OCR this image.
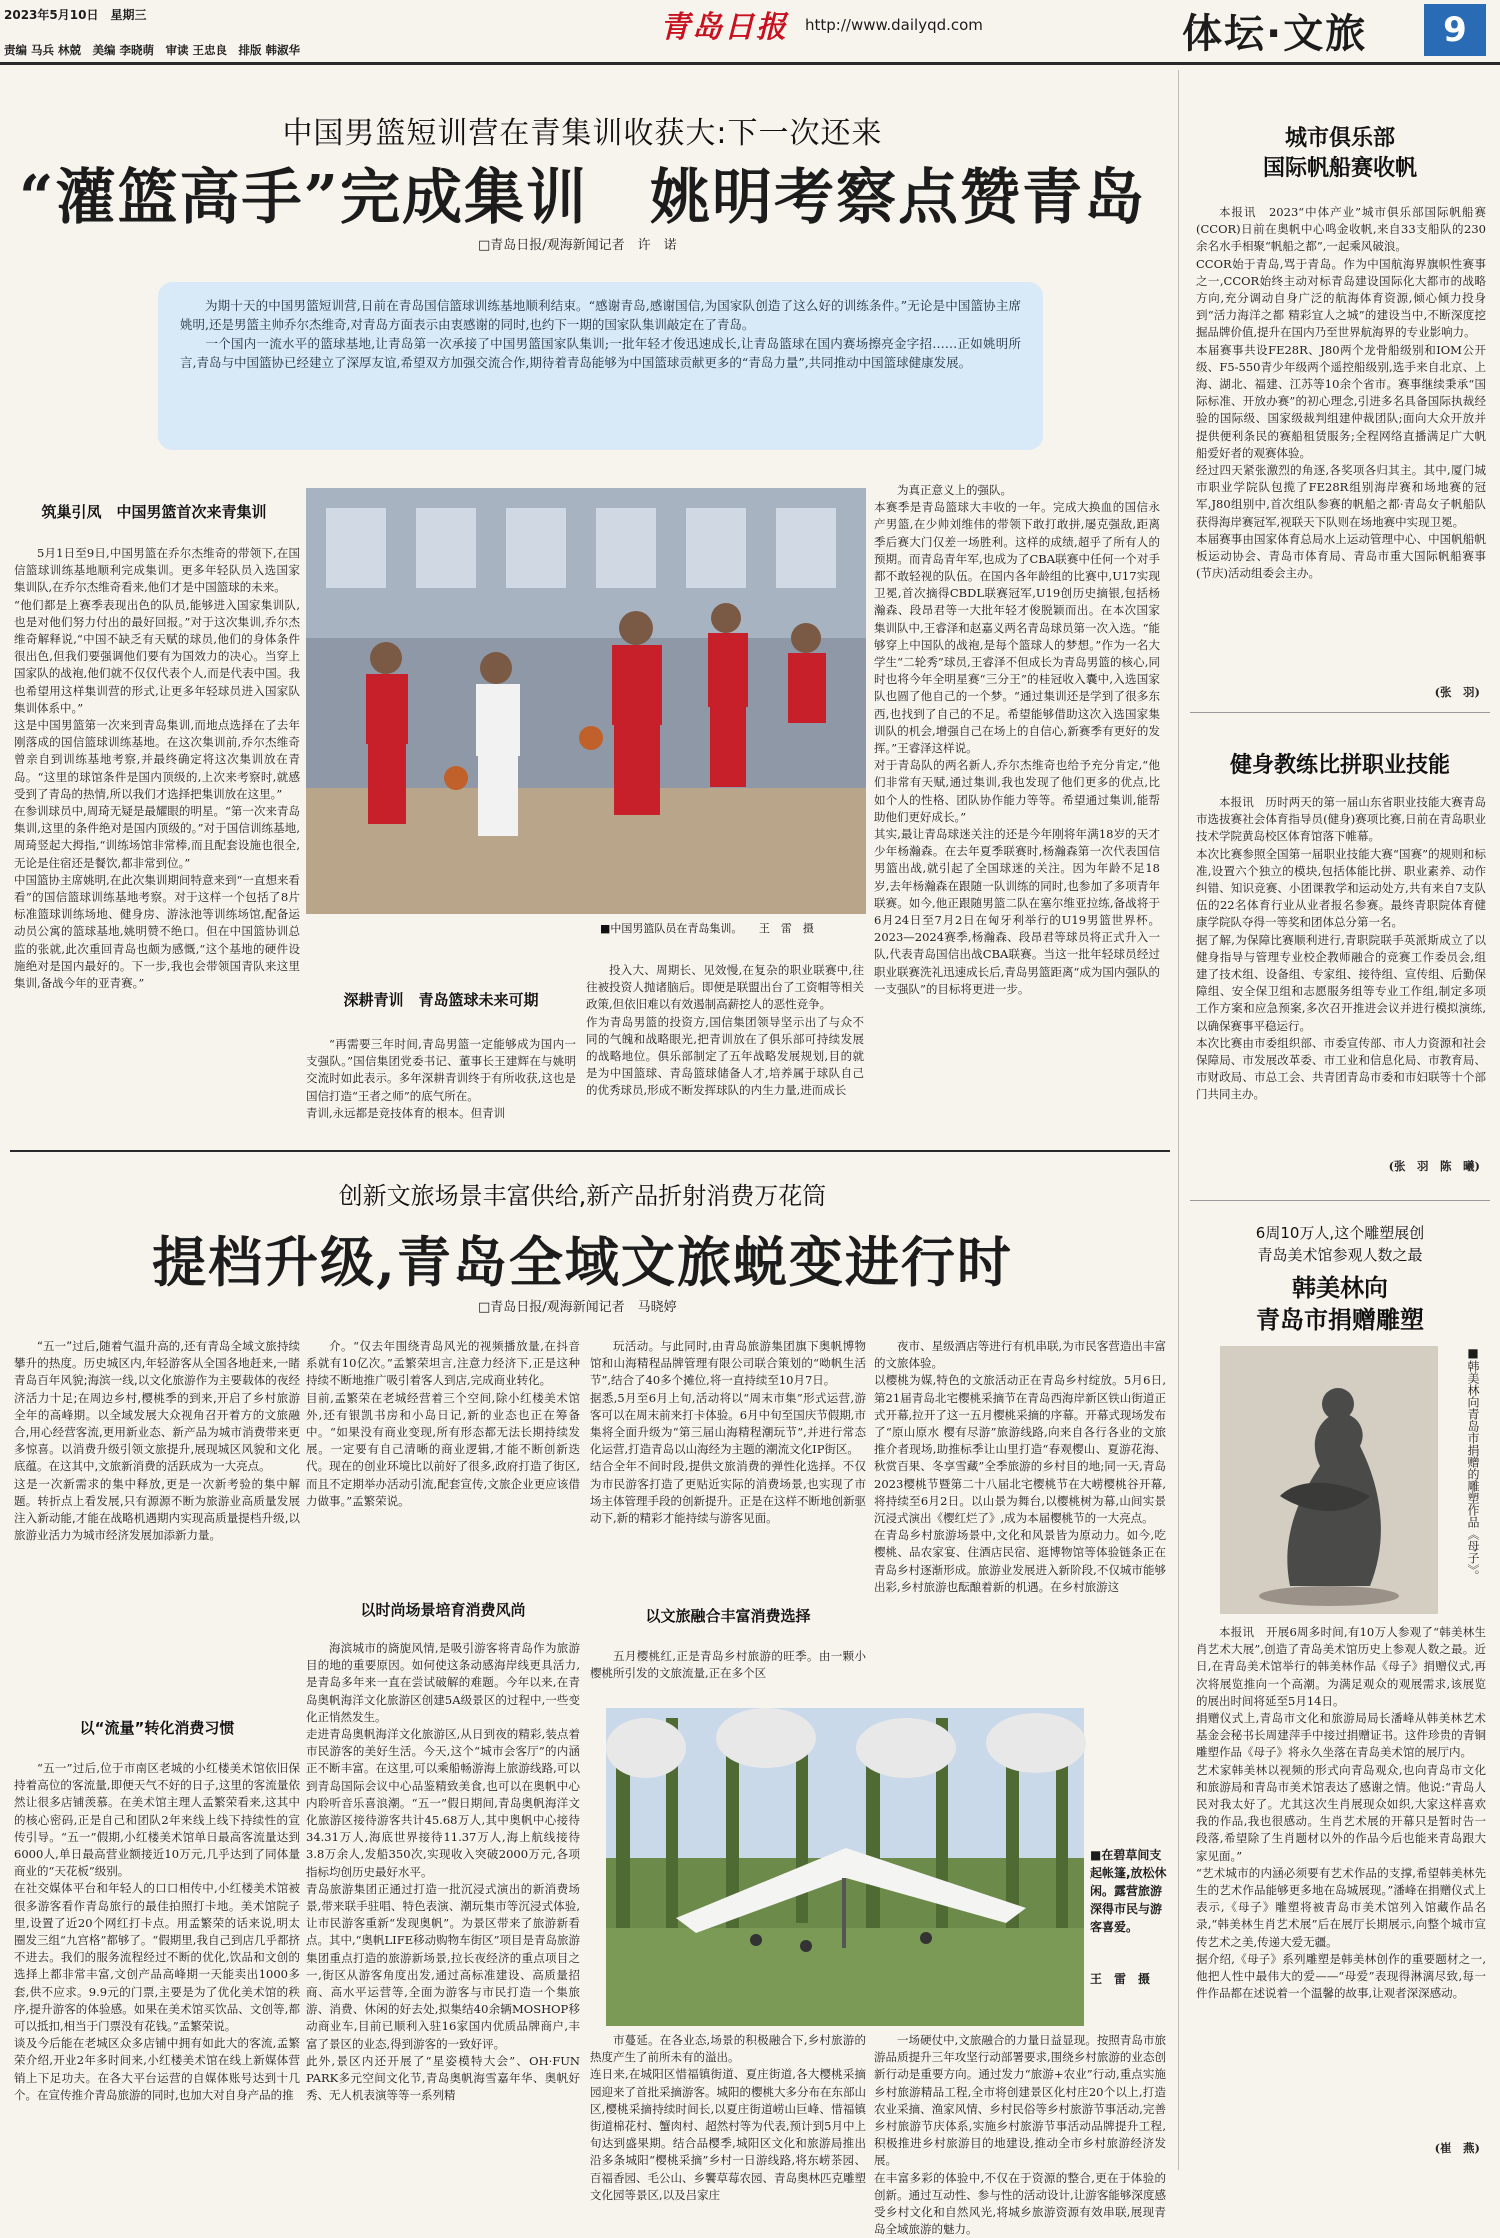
2023年5月10日　星期三	青岛日报 http://www.dailyqd.com
责编 马兵 林兢　美编 李晓萌　审读 王忠良　排版 韩淑华	体坛·文旅	9
中国男篮短训营在青集训收获大:下一次还来
“灌篮高手”完成集训　姚明考察点赞青岛
□青岛日报/观海新闻记者　许　诺
为期十天的中国男篮短训营,日前在青岛国信篮球训练基地顺利结束。“感谢青岛,感谢国信,为国家队创造了这么好的训练条件。”无论是中国篮协主席姚明,还是男篮主帅乔尔杰维奇,对青岛方面表示由衷感谢的同时,也约下一期的国家队集训敲定在了青岛。
　　一个国内一流水平的篮球基地,让青岛第一次承接了中国男篮国家队集训;一批年轻才俊迅速成长,让青岛篮球在国内赛场擦亮金字招……正如姚明所言,青岛与中国篮协已经建立了深厚友谊,希望双方加强交流合作,期待着青岛能够为中国篮球贡献更多的“青岛力量”,共同推动中国篮球健康发展。
筑巢引凤　中国男篮首次来青集训
5月1日至9日,中国男篮在乔尔杰维奇的带领下,在国信篮球训练基地顺利完成集训。更多年轻队员入选国家集训队,在乔尔杰维奇看来,他们才是中国篮球的未来。
“他们都是上赛季表现出色的队员,能够进入国家集训队,也是对他们努力付出的最好回报。”对于这次集训,乔尔杰维奇解释说,“中国不缺乏有天赋的球员,他们的身体条件很出色,但我们要强调他们要有为国效力的决心。当穿上国家队的战袍,他们就不仅仅代表个人,而是代表中国。我也希望用这样集训营的形式,让更多年轻球员进入国家队集训体系中。”
这是中国男篮第一次来到青岛集训,而地点选择在了去年刚落成的国信篮球训练基地。在这次集训前,乔尔杰维奇曾亲自到训练基地考察,并最终确定将这次集训放在青岛。“这里的球馆条件是国内顶级的,上次来考察时,就感受到了青岛的热情,所以我们才选择把集训放在这里。”
在参训球员中,周琦无疑是最耀眼的明星。“第一次来青岛集训,这里的条件绝对是国内顶级的。”对于国信训练基地,周琦竖起大拇指,“训练场馆非常棒,而且配套设施也很全,无论是住宿还是餐饮,都非常到位。”
中国篮协主席姚明,在此次集训期间特意来到“一直想来看看”的国信篮球训练基地考察。对于这样一个包括了8片标准篮球训练场地、健身房、游泳池等训练场馆,配备运动员公寓的篮球基地,姚明赞不绝口。但在中国篮协训总监的张就,此次重回青岛也颇为感慨,“这个基地的硬件设施绝对是国内最好的。下一步,我也会带领国青队来这里集训,备战今年的亚青赛。”
■中国男篮队员在青岛集训。　　王　雷　摄
深耕青训　青岛篮球未来可期
“再需要三年时间,青岛男篮一定能够成为国内一支强队。”国信集团党委书记、董事长王建辉在与姚明交流时如此表示。多年深耕青训终于有所收获,这也是国信打造“王者之师”的底气所在。
青训,永远都是竞技体育的根本。但青训
投入大、周期长、见效慢,在复杂的职业联赛中,往往被投资人抛诸脑后。即便是联盟出台了工资帽等相关政策,但依旧难以有效遏制高薪挖人的恶性竞争。
作为青岛男篮的投资方,国信集团领导坚示出了与众不同的气魄和战略眼光,把青训放在了俱乐部可持续发展的战略地位。俱乐部制定了五年战略发展规划,目的就是为中国篮球、青岛篮球储备人才,培养属于球队自己的优秀球员,形成不断发挥球队的内生力量,进而成长
为真正意义上的强队。
本赛季是青岛篮球大丰收的一年。完成大换血的国信永产男篮,在少帅刘维伟的带领下敢打敢拼,屡克强敌,距离季后赛大门仅差一场胜利。这样的成绩,超乎了所有人的预期。而青岛青年军,也成为了CBA联赛中任何一个对手都不敢轻视的队伍。在国内各年龄组的比赛中,U17实现卫冕,首次摘得CBDL联赛冠军,U19创历史摘银,包括杨瀚森、段昂君等一大批年轻才俊脱颖而出。在本次国家集训队中,王睿泽和赵嘉义两名青岛球员第一次入选。“能够穿上中国队的战袍,是每个篮球人的梦想。”作为一名大学生“二轮秀”球员,王睿泽不但成长为青岛男篮的核心,同时也将今年全明星赛“三分王”的桂冠收入囊中,入选国家队也圆了他自己的一个梦。“通过集训还是学到了很多东西,也找到了自己的不足。希望能够借助这次入选国家集训队的机会,增强自己在场上的自信心,新赛季有更好的发挥。”王睿泽这样说。
对于青岛队的两名新人,乔尔杰维奇也给予充分肯定,“他们非常有天赋,通过集训,我也发现了他们更多的优点,比如个人的性格、团队协作能力等等。希望通过集训,能帮助他们更好成长。”
其实,最让青岛球迷关注的还是今年刚将年满18岁的天才少年杨瀚森。在去年夏季联赛时,杨瀚森第一次代表国信男篮出战,就引起了全国球迷的关注。因为年龄不足18岁,去年杨瀚森在跟随一队训练的同时,也参加了多项青年联赛。如今,他正跟随男篮二队在塞尔维亚拉练,备战将于6月24日至7月2日在匈牙利举行的U19男篮世界杯。2023—2024赛季,杨瀚森、段昂君等球员将正式升入一队,代表青岛国信出战CBA联赛。当这一批年轻球员经过职业联赛洗礼迅速成长后,青岛男篮距离“成为国内强队的一支强队”的目标将更进一步。
城市俱乐部
国际帆船赛收帆
本报讯　2023“中体产业”城市俱乐部国际帆船赛(CCOR)日前在奥帆中心鸣金收帆,来自33支船队的230余名水手相聚“帆船之都”,一起乘风破浪。
CCOR始于青岛,骂于青岛。作为中国航海界旗帜性赛事之一,CCOR始终主动对标青岛建设国际化大都市的战略方向,充分调动自身广泛的航海体育资源,倾心倾力投身到“活力海洋之都 精彩宜人之城”的建设当中,不断深度挖掘品牌价值,提升在国内乃至世界航海界的专业影响力。
本届赛事共设FE28R、J80两个龙骨船级别和IOM公开级、F5-550青少年级两个遥控船级别,选手来自北京、上海、湖北、福建、江苏等10余个省市。赛事继续秉承“国际标准、开放办赛”的初心理念,引进多名具备国际执裁经验的国际级、国家级裁判组建仲裁团队;面向大众开放并提供便利条民的赛船租赁服务;全程网络直播满足广大帆船爱好者的观赛体验。
经过四天紧张激烈的角逐,各奖项各归其主。其中,厦门城市职业学院队包揽了FE28R组别海岸赛和场地赛的冠军,J80组别中,首次组队参赛的帆船之都·青岛女子帆船队获得海岸赛冠军,视联天下队则在场地赛中实现卫冕。
本届赛事由国家体育总局水上运动管理中心、中国帆船帆板运动协会、青岛市体育局、青岛市重大国际帆船赛事(节庆)活动组委会主办。
(张　羽)
健身教练比拼职业技能
本报讯　历时两天的第一届山东省职业技能大赛青岛市选拔赛社会体育指导员(健身)赛项比赛,日前在青岛职业技术学院黄岛校区体育馆落下帷幕。
本次比赛参照全国第一届职业技能大赛“国赛”的规则和标准,设置六个独立的模块,包括体能比拼、职业素养、动作纠错、知识竞赛、小团课教学和运动处方,共有来自7支队伍的22名体育行业从业者报名参赛。最终青职院体育健康学院队夺得一等奖和团体总分第一名。
据了解,为保障比赛顺利进行,青职院联手英派斯成立了以健身指导与管理专业校企教师融合的竞赛工作委员会,组建了技术组、设备组、专家组、接待组、宣传组、后勤保障组、安全保卫组和志愿服务组等专业工作组,制定多项工作方案和应急预案,多次召开推进会议并进行模拟演练,以确保赛事平稳运行。
本次比赛由市委组织部、市委宣传部、市人力资源和社会保障局、市发展改革委、市工业和信息化局、市教育局、市财政局、市总工会、共青团青岛市委和市妇联等十个部门共同主办。
(张　羽　陈　曦)
6周10万人,这个雕塑展创
青岛美术馆参观人数之最
韩美林向
青岛市捐赠雕塑
■韩美林向青岛市捐赠的雕塑作品《母子》。
本报讯　开展6周多时间,有10万人参观了“韩美林生肖艺术大展”,创造了青岛美术馆历史上参观人数之最。近日,在青岛美术馆举行的韩美林作品《母子》捐赠仪式,再次将展览推向一个高潮。为满足观众的观展需求,该展览的展出时间将延至5月14日。
捐赠仪式上,青岛市文化和旅游局局长潘峰从韩美林艺术基金会秘书长周建萍手中接过捐赠证书。这件珍贵的青铜雕塑作品《母子》将永久坐落在青岛美术馆的展厅内。
艺术家韩美林以视频的形式向青岛观众,也向青岛市文化和旅游局和青岛市美术馆表达了感谢之情。他说:“青岛人民对我太好了。尤其这次生肖展现众如织,大家这样喜欢我的作品,我也很感动。生肖艺术展的开幕只是暂时告一段落,希望除了生肖题材以外的作品今后也能来青岛跟大家见面。”
“艺术城市的内涵必须要有艺术作品的支撑,希望韩美林先生的艺术作品能够更多地在岛城展现。”潘峰在捐赠仪式上表示,《母子》雕塑将被青岛市美术馆列入馆藏作品名录,“韩美林生肖艺术展”后在展厅长期展示,向整个城市宣传艺术之美,传递大爱无疆。
据介绍,《母子》系列雕塑是韩美林创作的重要题材之一,他把人性中最伟大的爱——“母爱”表现得淋漓尽致,每一件作品都在述说着一个温馨的故事,让观者深深感动。
(崔　燕)
创新文旅场景丰富供给,新产品折射消费万花筒
提档升级,青岛全域文旅蜕变进行时
□青岛日报/观海新闻记者　马晓婷
“五一”过后,随着气温升高的,还有青岛全域文旅持续攀升的热度。历史城区内,年轻游客从全国各地赶来,一睹青岛百年风貌;海滨一线,以文化旅游作为主要载体的夜经济活力十足;在周边乡村,樱桃季的到来,开启了乡村旅游全年的高峰期。以全域发展大众视角召开着方的文旅融合,用心经营客流,更用新业态、新产品为城市消费带来更多惊喜。以消费升级引领文旅提升,展现城区风貌和文化底蕴。在这其中,文旅新消费的活跃成为一大亮点。
这是一次新需求的集中释放,更是一次新考验的集中解题。转折点上看发展,只有源源不断为旅游业高质量发展注入新动能,才能在战略机遇期内实现高质量提档升级,以旅游业活力为城市经济发展加添新力量。
以“流量”转化消费习惯
“五一”过后,位于市南区老城的小红楼美术馆依旧保持着高位的客流量,即便天气不好的日子,这里的客流量依然让很多店铺羡慕。在美术馆主理人孟繁荣看来,这其中的核心密码,正是自己和团队2年来线上线下持续性的宣传引导。“五一”假期,小红楼美术馆单日最高客流量达到6000人,单日最高营业额接近10万元,几乎达到了同体量商业的“天花板”级别。
在社交媒体平台和年轻人的口口相传中,小红楼美术馆被很多游客看作青岛旅行的最佳拍照打卡地。美术馆院子里,设置了近20个网红打卡点。用孟繁荣的话来说,明太圈发三组“九宫格”都够了。“假期里,我自己到店几乎都挤不进去。我们的服务流程经过不断的优化,饮品和文创的选择上都非常丰富,文创产品高峰期一天能卖出1000多套,供不应求。9.9元的门票,主要是为了优化美术馆的秩序,提升游客的体验感。如果在美术馆买饮品、文创等,都可以抵扣,相当于门票没有花钱。”孟繁荣说。
谈及今后能在老城区众多店铺中拥有如此大的客流,孟繁荣介绍,开业2年多时间来,小红楼美术馆在线上新媒体营销上下足功夫。在各大平台运营的自媒体账号达到十几个。在宣传推介青岛旅游的同时,也加大对自身产品的推
介。“仅去年围绕青岛风光的视频播放量,在抖音系就有10亿次。”孟繁荣坦言,注意力经济下,正是这种持续不断地推广吸引着客人到店,完成商业转化。
目前,孟繁荣在老城经营着三个空间,除小红楼美术馆外,还有银凯书房和小岛日记,新的业态也正在筹备中。“如果没有商业变现,所有形态都无法长期持续发展。一定要有自己清晰的商业逻辑,才能不断创新迭代。现在的创业环境比以前好了很多,政府打造了街区,而且不定期举办活动引流,配套宣传,文旅企业更应该借力做事。”孟繁荣说。
以时尚场景培育消费风尚
海滨城市的旖旎风情,是吸引游客将青岛作为旅游目的地的重要原因。如何使这条动感海岸线更具活力,是青岛多年来一直在尝试破解的难题。今年以来,在青岛奥帆海洋文化旅游区创建5A级景区的过程中,一些变化正悄然发生。
走进青岛奥帆海洋文化旅游区,从日到夜的精彩,装点着市民游客的美好生活。今天,这个“城市会客厅”的内涵正不断丰富。在这里,可以乘船畅游海上旅游线路,可以到青岛国际会议中心品鉴精致美食,也可以在奥帆中心内聆听音乐喜浪潮。“五一”假日期间,青岛奥帆海洋文化旅游区接待游客共计45.68万人,其中奥帆中心接待34.31万人,海底世界接待11.37万人,海上航线接待3.8万余人,发船350次,实现收入突破2000万元,各项指标均创历史最好水平。
青岛旅游集团正通过打造一批沉浸式演出的新消费场景,带来联手驻唱、特色表演、潮玩集市等沉浸式体验,让市民游客重新“发现奥帆”。为景区带来了旅游新看点。其中,“奥帆LIFE移动购物车街区”项目是青岛旅游集团重点打造的旅游新场景,拉长夜经济的重点项目之一,街区从游客角度出发,通过高标准建设、高质量招商、高水平运营等,全面为游客与市民打造一个集旅游、消费、休闲的好去处,拟集结40余辆MOSHOP移动商业车,目前已顺利入驻16家国内优质品牌商户,丰富了景区的业态,得到游客的一致好评。
此外,景区内还开展了“星姿模特大会”、OH·FUN PARK多元空间文化节,青岛奥帆海雪嘉年华、奥帆好秀、无人机表演等等一系列精
玩活动。与此同时,由青岛旅游集团旗下奥帆博物馆和山海精程品牌管理有限公司联合策划的“呦帆生活节”,结合了40多个摊位,将一直持续至10月7日。
据悉,5月至6月上旬,活动将以“周末市集”形式运营,游客可以在周末前来打卡体验。6月中旬至国庆节假期,市集将全面升级为“第三届山海精程潮玩节”,并进行常态化运营,打造青岛以山海经为主题的潮流文化IP街区。
结合全年不间时段,提供文旅消费的弹性化选择。不仅为市民游客打造了更贴近实际的消费场景,也实现了市场主体管理手段的创新提升。正是在这样不断地创新驱动下,新的精彩才能持续与游客见面。
以文旅融合丰富消费选择
五月樱桃红,正是青岛乡村旅游的旺季。由一颗小樱桃所引发的文旅流量,正在多个区
夜市、星级酒店等进行有机串联,为市民客营造出丰富的文旅体验。
以樱桃为媒,特色的文旅活动正在青岛乡村绽放。5月6日,第21届青岛北宅樱桃采摘节在青岛西海岸新区铁山街道正式开幕,拉开了这一五月樱桃采摘的序幕。开幕式现场发布了“原山原水 樱有尽游”旅游线路,向来自各行各业的文旅推介者现场,助推标季让山里打造“春观樱山、夏游花海、秋赏百果、冬享雪藏”全季旅游的乡村目的地;同一天,青岛2023樱桃节暨第二十八届北宅樱桃节在大崂樱桃谷开幕,将持续至6月2日。以山景为舞台,以樱桃树为幕,山间实景沉浸式演出《樱红烂了》,成为本届樱桃节的一大亮点。
在青岛乡村旅游场景中,文化和风景皆为原动力。如今,吃樱桃、品农家宴、住酒店民宿、逛博物馆等体验链条正在青岛乡村逐渐形成。旅游业发展进入新阶段,不仅城市能够出彩,乡村旅游也酝酿着新的机遇。在乡村旅游这
■在碧草间支起帐篷,放松休闲。露营旅游深得市民与游客喜爱。
王　雷　摄
市蔓延。在各业态,场景的积极融合下,乡村旅游的热度产生了前所未有的溢出。
连日来,在城阳区惜福镇街道、夏庄街道,各大樱桃采摘园迎来了首批采摘游客。城阳的樱桃大多分布在东部山区,樱桃采摘持续时间长,以夏庄街道崂山巨峰、惜福镇街道棉花村、蟹肉村、超然村等为代表,预计到5月中上旬达到盛果期。结合品樱季,城阳区文化和旅游局推出沿多条城阳“樱桃采摘”乡村一日游线路,将东崂茶园、百福香园、毛公山、乡饗草莓农园、青岛奥林匹克雕塑文化园等景区,以及吕家庄
一场硬仗中,文旅融合的力量日益显现。按照青岛市旅游品质提升三年攻坚行动部署要求,围绕乡村旅游的业态创新行动是重要方向。通过发力“旅游+农业”行动,重点实施乡村旅游精品工程,全市将创建景区化村庄20个以上,打造农业采摘、渔家风情、乡村民俗等乡村旅游节事活动,完善乡村旅游节庆体系,实施乡村旅游节事活动品牌提升工程,积极推进乡村旅游目的地建设,推动全市乡村旅游经济发展。
在丰富多彩的体验中,不仅在于资源的整合,更在于体验的创新。通过互动性、参与性的活动设计,让游客能够深度感受乡村文化和自然风光,将城乡旅游资源有效串联,展现青岛全域旅游的魅力。
